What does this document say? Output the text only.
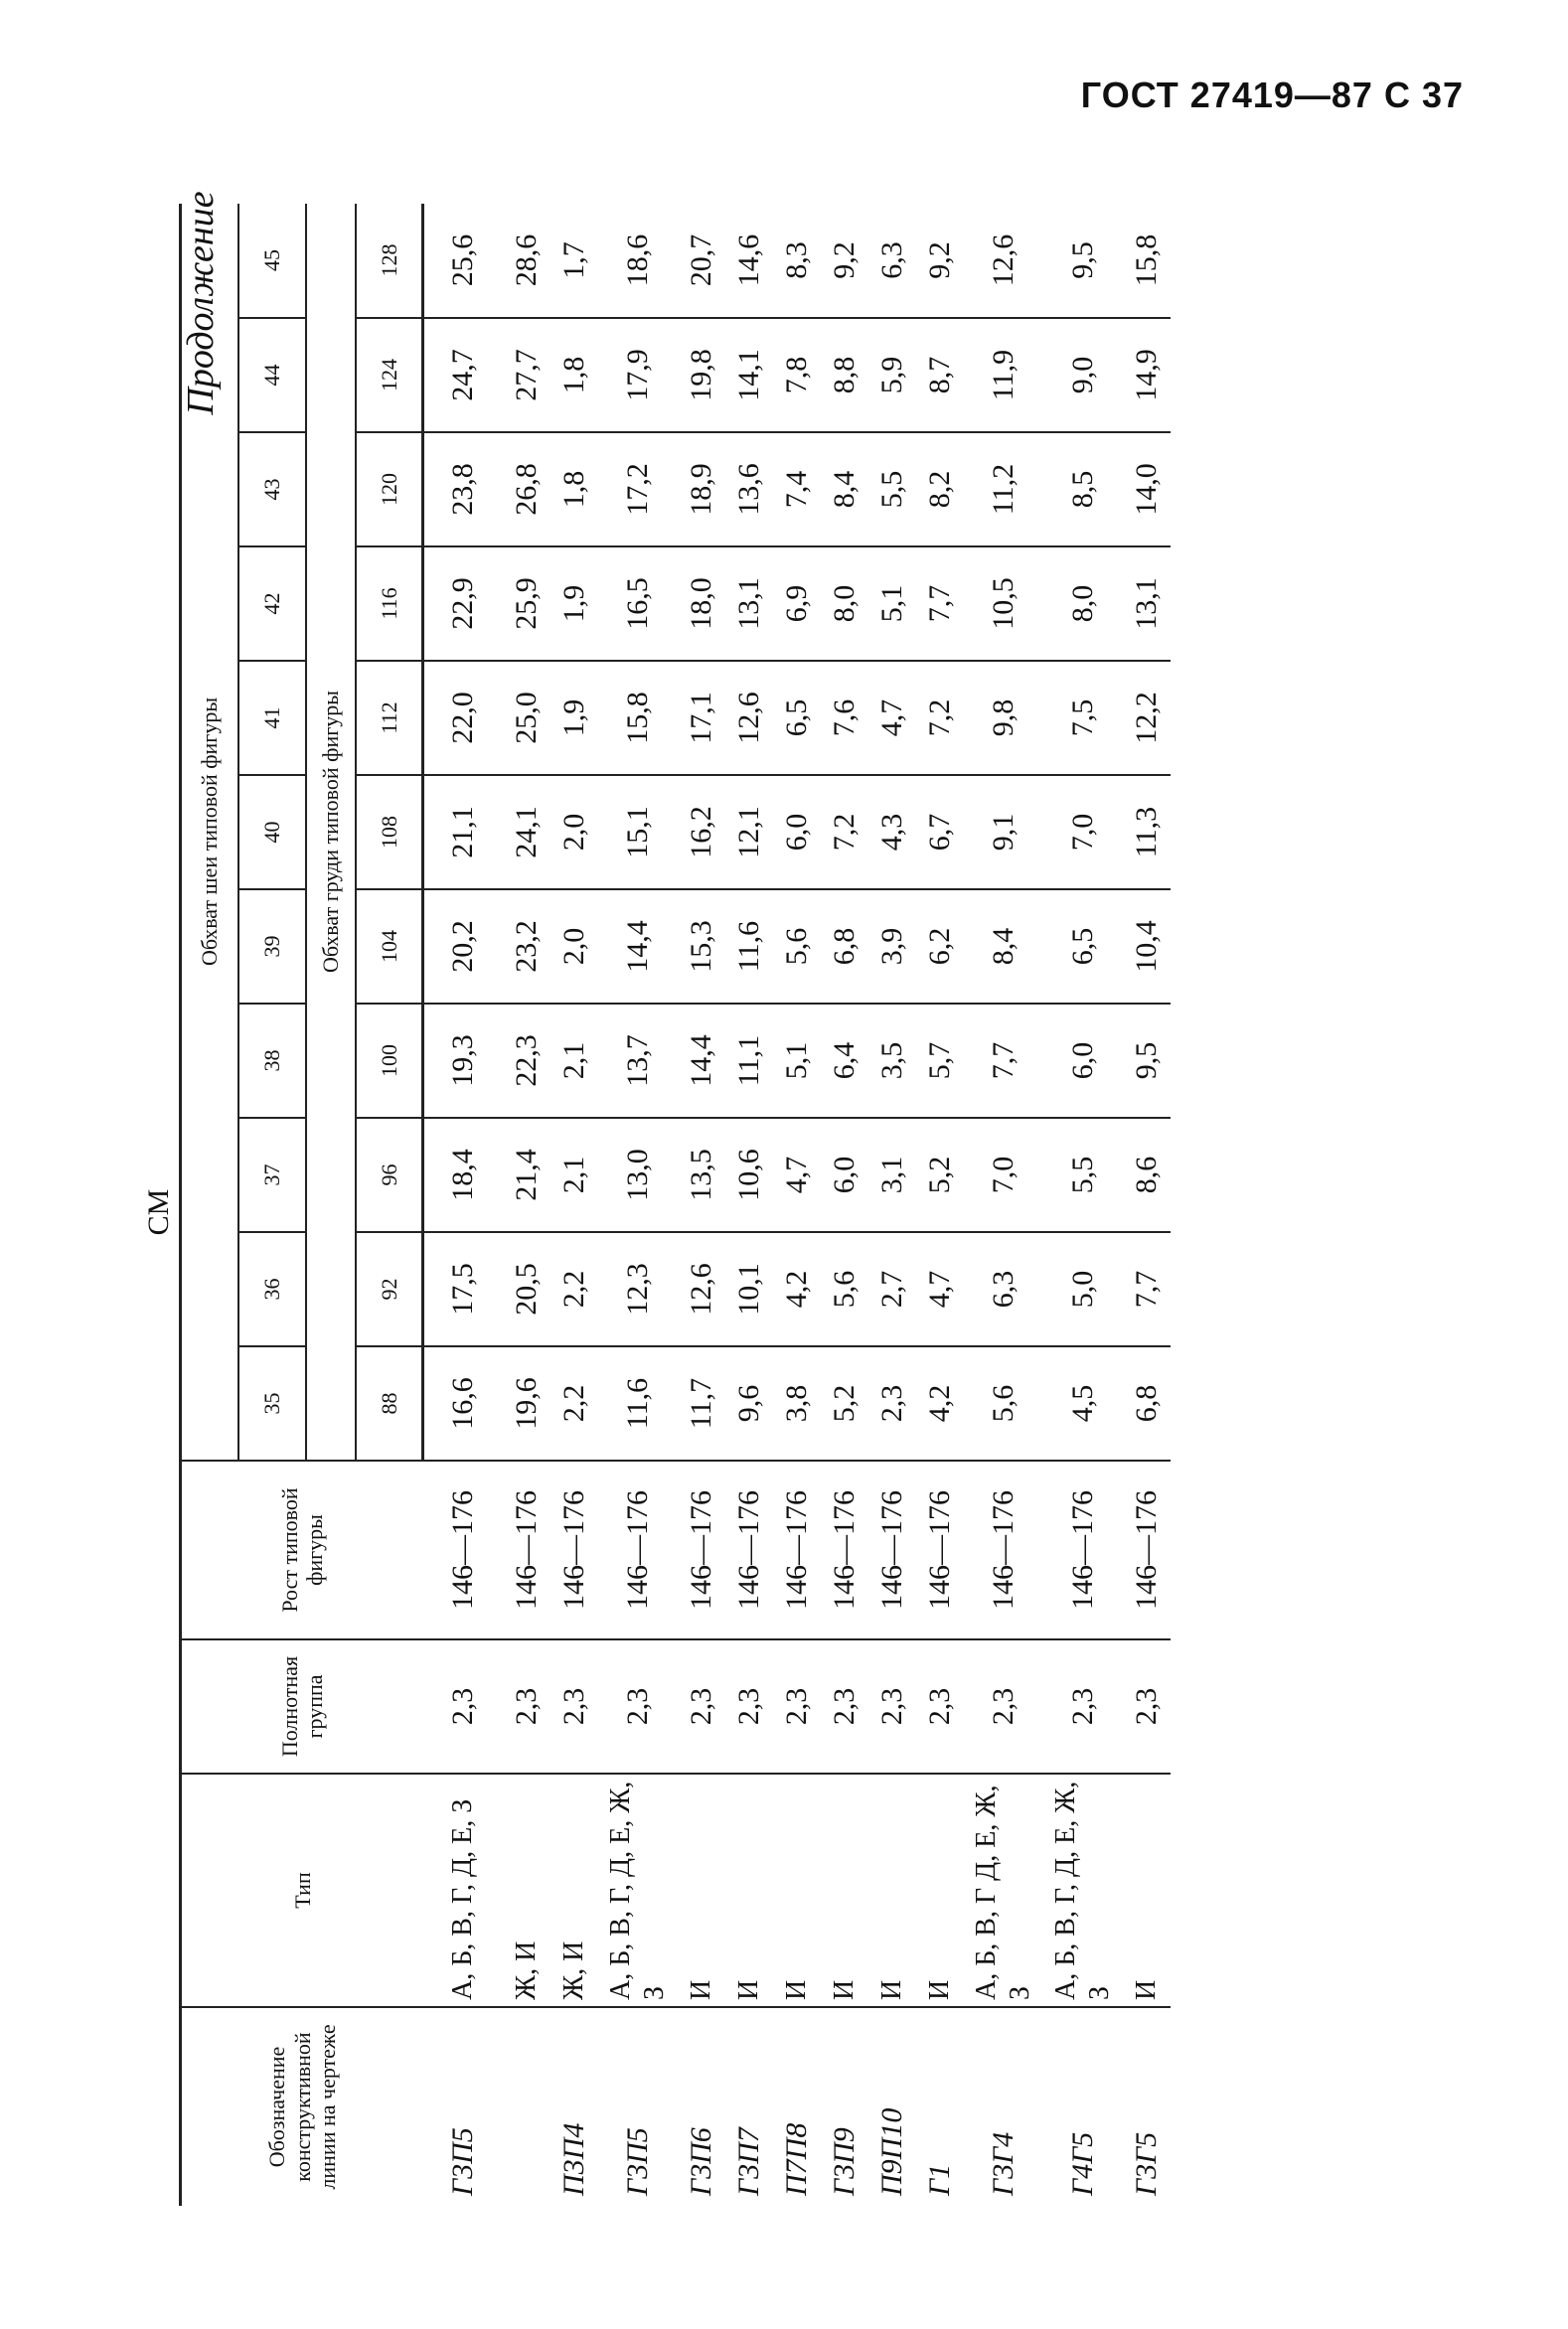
ГОСТ 27419—87 С 37
Продолжение
СМ
Обозначение конструктивной линии на чертеже	Тип	Полнотная группа	Рост типовой фигуры	Обхват шеи типовой фигуры										
				35	36	37	38	39	40	41	42	43	44	45
				Обхват груди типовой фигуры										
				88	92	96	100	104	108	112	116	120	124	128
Г3П5	А, Б, В, Г, Д, Е, З	2,3	146—176	16,6	17,5	18,4	19,3	20,2	21,1	22,0	22,9	23,8	24,7	25,6
	Ж, И	2,3	146—176	19,6	20,5	21,4	22,3	23,2	24,1	25,0	25,9	26,8	27,7	28,6
П3П4	Ж, И	2,3	146—176	2,2	2,2	2,1	2,1	2,0	2,0	1,9	1,9	1,8	1,8	1,7
Г3П5	А, Б, В, Г, Д, Е, Ж, З	2,3	146—176	11,6	12,3	13,0	13,7	14,4	15,1	15,8	16,5	17,2	17,9	18,6
Г3П6	И	2,3	146—176	11,7	12,6	13,5	14,4	15,3	16,2	17,1	18,0	18,9	19,8	20,7
Г3П7	И	2,3	146—176	9,6	10,1	10,6	11,1	11,6	12,1	12,6	13,1	13,6	14,1	14,6
П7П8	И	2,3	146—176	3,8	4,2	4,7	5,1	5,6	6,0	6,5	6,9	7,4	7,8	8,3
Г3П9	И	2,3	146—176	5,2	5,6	6,0	6,4	6,8	7,2	7,6	8,0	8,4	8,8	9,2
П9П10	И	2,3	146—176	2,3	2,7	3,1	3,5	3,9	4,3	4,7	5,1	5,5	5,9	6,3
Г1	И	2,3	146—176	4,2	4,7	5,2	5,7	6,2	6,7	7,2	7,7	8,2	8,7	9,2
Г3Г4	А, Б, В, Г Д, Е, Ж, З	2,3	146—176	5,6	6,3	7,0	7,7	8,4	9,1	9,8	10,5	11,2	11,9	12,6
Г4Г5	А, Б, В, Г, Д, Е, Ж, З	2,3	146—176	4,5	5,0	5,5	6,0	6,5	7,0	7,5	8,0	8,5	9,0	9,5
Г3Г5	И	2,3	146—176	6,8	7,7	8,6	9,5	10,4	11,3	12,2	13,1	14,0	14,9	15,8
